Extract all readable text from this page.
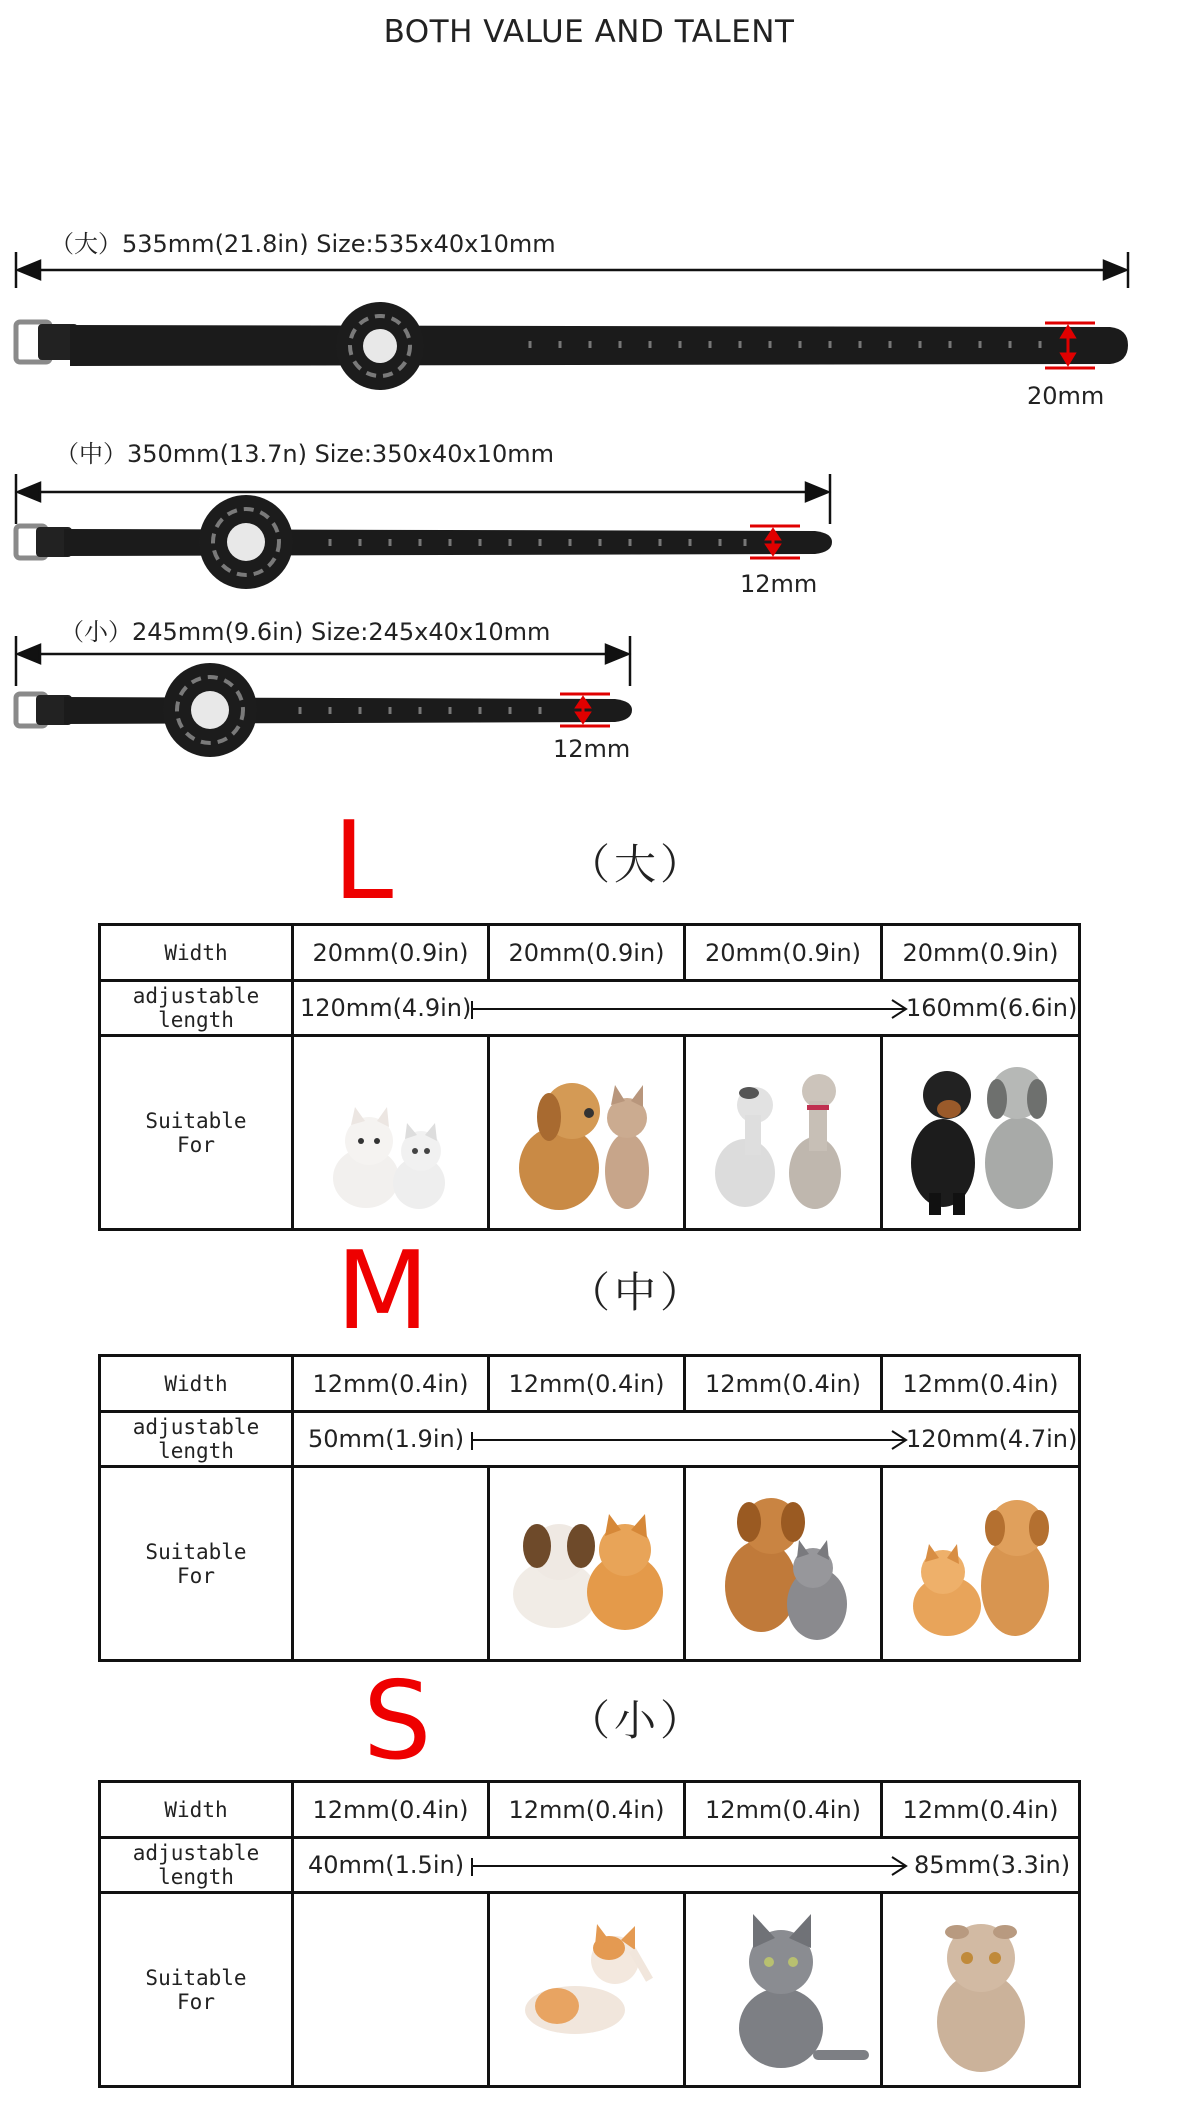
BOTH VALUE AND TALENT
（大）535mm(21.8in) Size:535x40x10mm
20mm
（中）350mm(13.7n) Size:350x40x10mm
12mm
（小）245mm(9.6in) Size:245x40x10mm
12mm
L	（大）
Width	20mm(0.9in)	20mm(0.9in)	20mm(0.9in)	20mm(0.9in)
adjustable length	120mm(4.9in) 160mm(6.6in)			

Suitable
For

M	（中）
Width	12mm(0.4in)	12mm(0.4in)	12mm(0.4in)	12mm(0.4in)
adjustable length	50mm(1.9in) 120mm(4.7in)			

Suitable
For

S	（小）
Width	12mm(0.4in)	12mm(0.4in)	12mm(0.4in)	12mm(0.4in)
adjustable length	40mm(1.5in) 85mm(3.3in)			

Suitable
For
